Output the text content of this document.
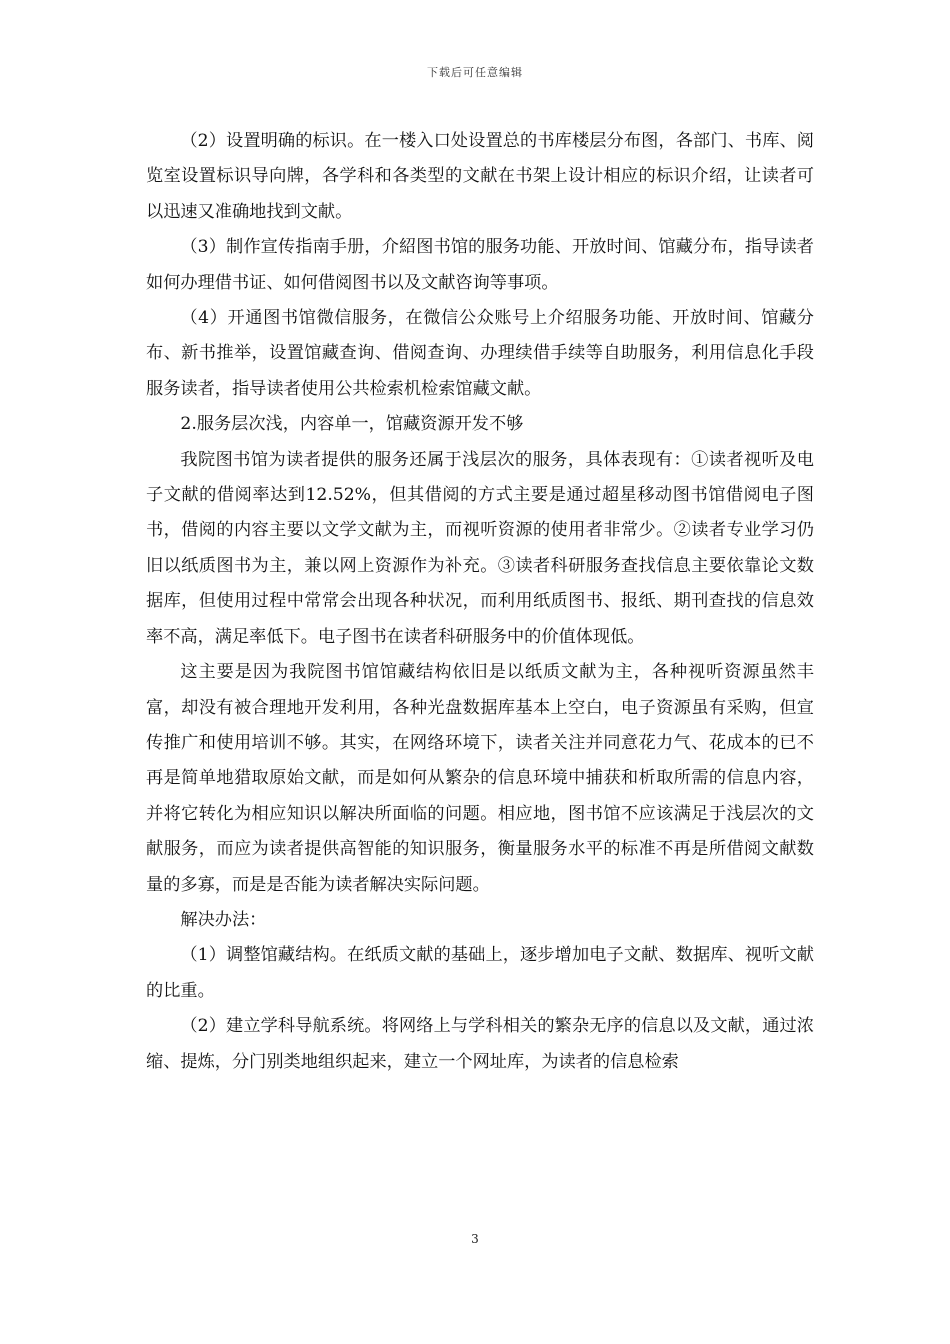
下载后可任意编辑

（2）设置明确的标识。在一楼入口处设置总的书库楼层分布图，各部门、书库、阅览室设置标识导向牌，各学科和各类型的文献在书架上设计相应的标识介绍，让读者可以迅速又准确地找到文献。

（3）制作宣传指南手册，介紹图书馆的服务功能、开放时间、馆藏分布，指导读者如何办理借书证、如何借阅图书以及文献咨询等事项。

（4）开通图书馆微信服务，在微信公众账号上介绍服务功能、开放时间、馆藏分布、新书推举，设置馆藏查询、借阅查询、办理续借手续等自助服务，利用信息化手段服务读者，指导读者使用公共检索机检索馆藏文献。

2.服务层次浅，内容单一，馆藏资源开发不够

我院图书馆为读者提供的服务还属于浅层次的服务，具体表现有：①读者视听及电子文献的借阅率达到12.52%，但其借阅的方式主要是通过超星移动图书馆借阅电子图书，借阅的内容主要以文学文献为主，而视听资源的使用者非常少。②读者专业学习仍旧以纸质图书为主，兼以网上资源作为补充。③读者科研服务查找信息主要依靠论文数据库，但使用过程中常常会出现各种状况，而利用纸质图书、报纸、期刊查找的信息效率不高，满足率低下。电子图书在读者科研服务中的价值体现低。

这主要是因为我院图书馆馆藏结构依旧是以纸质文献为主，各种视听资源虽然丰富，却没有被合理地开发利用，各种光盘数据库基本上空白，电子资源虽有采购，但宣传推广和使用培训不够。其实，在网络环境下，读者关注并同意花力气、花成本的已不再是简单地猎取原始文献，而是如何从繁杂的信息环境中捕获和析取所需的信息内容，并将它转化为相应知识以解决所面临的问题。相应地，图书馆不应该满足于浅层次的文献服务，而应为读者提供高智能的知识服务，衡量服务水平的标准不再是所借阅文献数量的多寡，而是是否能为读者解决实际问题。

解决办法：

（1）调整馆藏结构。在纸质文献的基础上，逐步增加电子文献、数据库、视听文献的比重。

（2）建立学科导航系统。将网络上与学科相关的繁杂无序的信息以及文献，通过浓缩、提炼，分门别类地组织起来，建立一个网址库，为读者的信息检索

3
